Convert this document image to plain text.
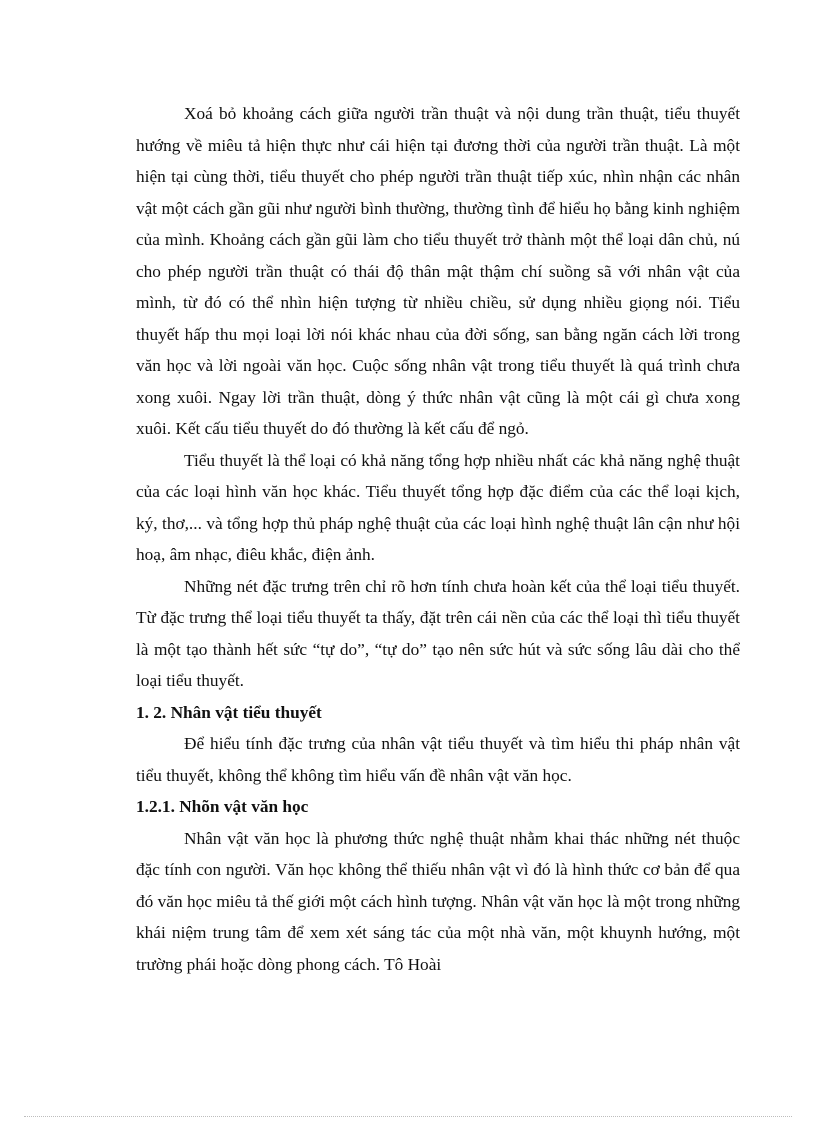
Xoá bỏ khoảng cách giữa người trần thuật và nội dung trần thuật, tiểu thuyết hướng về miêu tả hiện thực như cái hiện tại đương thời của người trần thuật. Là một hiện tại cùng thời, tiểu thuyết cho phép người trần thuật tiếp xúc, nhìn nhận các nhân vật một cách gần gũi như người bình thường, thường tình để hiểu họ bằng kinh nghiệm của mình. Khoảng cách gần gũi làm cho tiểu thuyết trở thành một thể loại dân chủ, nú cho phép người trần thuật có thái độ thân mật thậm chí suồng sã với nhân vật của mình, từ đó có thể nhìn hiện tượng từ nhiều chiều, sử dụng nhiều giọng nói. Tiểu thuyết hấp thu mọi loại lời nói khác nhau của đời sống, san bằng ngăn cách lời trong văn học và lời ngoài văn học. Cuộc sống nhân vật trong tiểu thuyết là quá trình chưa xong xuôi. Ngay lời trần thuật, dòng ý thức nhân vật cũng là một cái gì chưa xong xuôi. Kết cấu tiểu thuyết do đó thường là kết cấu để ngỏ.

Tiểu thuyết là thể loại có khả năng tổng hợp nhiều nhất các khả năng nghệ thuật của các loại hình văn học khác. Tiểu thuyết tổng hợp đặc điểm của các thể loại kịch, ký, thơ,... và tổng hợp thủ pháp nghệ thuật của các loại hình nghệ thuật lân cận như hội hoạ, âm nhạc, điêu khắc, điện ảnh.

Những nét đặc trưng trên chỉ rõ hơn tính chưa hoàn kết của thể loại tiểu thuyết. Từ đặc trưng thể loại tiểu thuyết ta thấy, đặt trên cái nền của các thể loại thì tiểu thuyết là một tạo thành hết sức “tự do”, “tự do” tạo nên sức hút và sức sống lâu dài cho thể loại tiểu thuyết.

1. 2. Nhân vật tiểu thuyết

Để hiểu tính đặc trưng của nhân vật tiểu thuyết và tìm hiểu thi pháp nhân vật tiểu thuyết, không thể không tìm hiểu vấn đề nhân vật văn học.

1.2.1. Nhõn vật văn học

Nhân vật văn học là phương thức nghệ thuật nhằm khai thác những nét thuộc đặc tính con người. Văn học không thể thiếu nhân vật vì đó là hình thức cơ bản để qua đó văn học miêu tả thế giới một cách hình tượng. Nhân vật văn học là một trong những khái niệm trung tâm để xem xét sáng tác của một nhà văn, một khuynh hướng, một trường phái hoặc dòng phong cách. Tô Hoài
